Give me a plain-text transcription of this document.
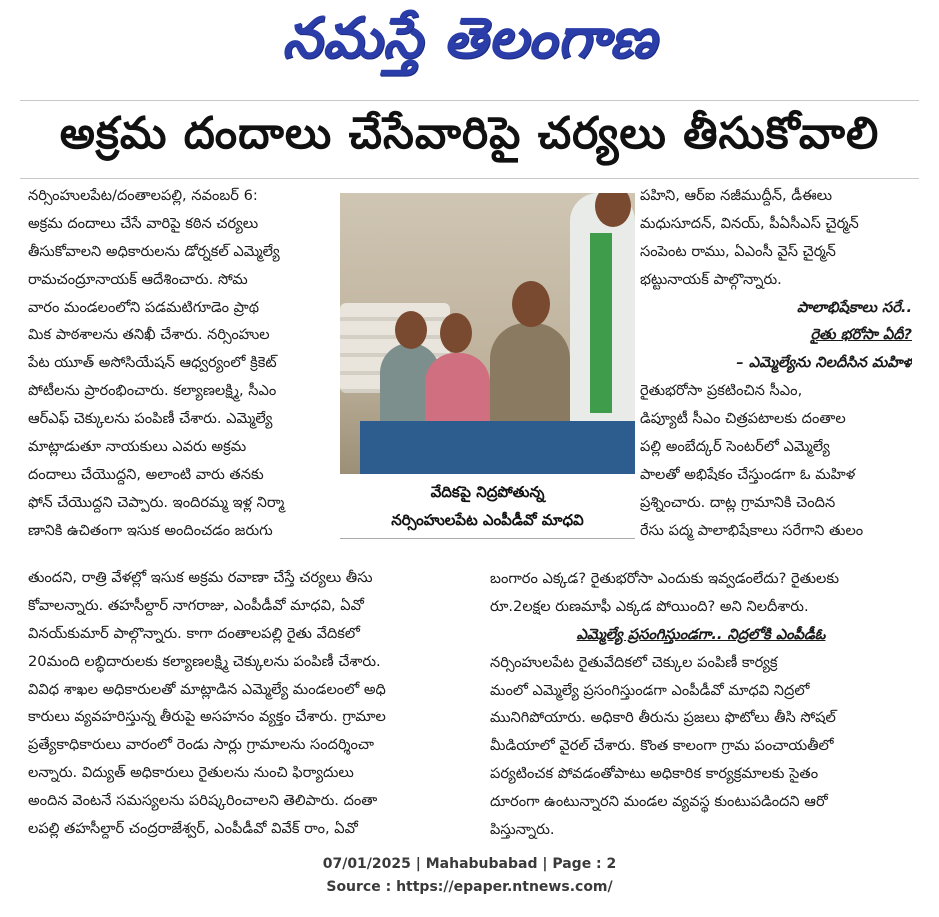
నమస్తే తెలంగాణ
అక్రమ దందాలు చేసేవారిపై చర్యలు తీసుకోవాలి
నర్సింహులపేట/దంతాలపల్లి, నవంబర్ 6:
అక్రమ దందాలు చేసే వారిపై కఠిన చర్యలు
తీసుకోవాలని అధికారులను డోర్నకల్ ఎమ్మెల్యే
రామచంద్రూనాయక్ ఆదేశించారు. సోమ
వారం మండలంలోని పడమటిగూడెం ప్రాథ
మిక పాఠశాలను తనిఖీ చేశారు. నర్సింహుల
పేట యూత్ అసోసియేషన్ ఆధ్వర్యంలో క్రికెట్
పోటీలను ప్రారంభించారు. కల్యాణలక్ష్మి, సీఎం
ఆర్ఎఫ్ చెక్కులను పంపిణీ చేశారు. ఎమ్మెల్యే
మాట్లాడుతూ నాయకులు ఎవరు అక్రమ
దందాలు చేయొద్దని, అలాంటి వారు తనకు
ఫోన్ చేయొద్దని చెప్పారు. ఇందిరమ్మ ఇళ్ల నిర్మా
ణానికి ఉచితంగా ఇసుక అందించడం జరుగు
తుందని, రాత్రి వేళల్లో ఇసుక అక్రమ రవాణా చేస్తే చర్యలు తీసు
కోవాలన్నారు. తహసీల్దార్ నాగరాజు, ఎంపీడీవో మాధవి, ఏవో
వినయ్‌కుమార్ పాల్గొన్నారు. కాగా దంతాలపల్లి రైతు వేదికలో
20మంది లబ్ధిదారులకు కల్యాణలక్ష్మి చెక్కులను పంపిణీ చేశారు.
వివిధ శాఖల అధికారులతో మాట్లాడిన ఎమ్మెల్యే మండలంలో అధి
కారులు వ్యవహరిస్తున్న తీరుపై అసహనం వ్యక్తం చేశారు. గ్రామాల
ప్రత్యేకాధికారులు వారంలో రెండు సార్లు గ్రామాలను సందర్శించా
లన్నారు. విద్యుత్ అధికారులు రైతులను నుంచి ఫిర్యాదులు
అందిన వెంటనే సమస్యలను పరిష్కరించాలని తెలిపారు. దంతా
లపల్లి తహసీల్దార్ చంద్రరాజేశ్వర్, ఎంపీడీవో వివేక్ రాం, ఏవో
వేదికపై నిద్రపోతున్న
నర్సింహులపేట ఎంపీడీవో మాధవి
పహిని, ఆర్ఐ నజీముద్దీన్, డీఈలు
మధుసూదన్, వినయ్, పీఏసీఎస్ చైర్మన్
సంపెంట రాము, ఏఎంసీ వైస్ చైర్మన్
భట్టునాయక్ పాల్గొన్నారు.
పాలాభిషేకాలు సరే..
రైతు భరోసా ఏదీ?
– ఎమ్మెల్యేను నిలదీసిన మహిళ
రైతుభరోసా ప్రకటించిన సీఎం,
డిప్యూటీ సీఎం చిత్రపటాలకు దంతాల
పల్లి అంబేద్కర్ సెంటర్‌లో ఎమ్మెల్యే
పాలతో అభిషేకం చేస్తుండగా ఓ మహిళ
ప్రశ్నించారు. దాట్ల గ్రామానికి చెందిన
రేసు పద్మ పాలాభిషేకాలు సరేగాని తులం
బంగారం ఎక్కడ? రైతుభరోసా ఎందుకు ఇవ్వడంలేదు? రైతులకు
రూ.2లక్షల రుణమాఫీ ఎక్కడ పోయింది? అని నిలదీశారు.
ఎమ్మెల్యే ప్రసంగిస్తుండగా.. నిద్రలోకి ఎంపీడీఓ
నర్సింహులపేట రైతువేదికలో చెక్కుల పంపిణీ కార్యక్ర
మంలో ఎమ్మెల్యే ప్రసంగిస్తుండగా ఎంపీడీవో మాధవి నిద్రలో
మునిగిపోయారు. అధికారి తీరును ప్రజలు ఫొటోలు తీసి సోషల్
మీడియాలో వైరల్ చేశారు. కొంత కాలంగా గ్రామ పంచాయతీలో
పర్యటించక పోవడంతోపాటు అధికారిక కార్యక్రమాలకు సైతం
దూరంగా ఉంటున్నారని మండల వ్యవస్థ కుంటుపడిందని ఆరో
పిస్తున్నారు.
07/01/2025 | Mahabubabad | Page : 2
Source : https://epaper.ntnews.com/
